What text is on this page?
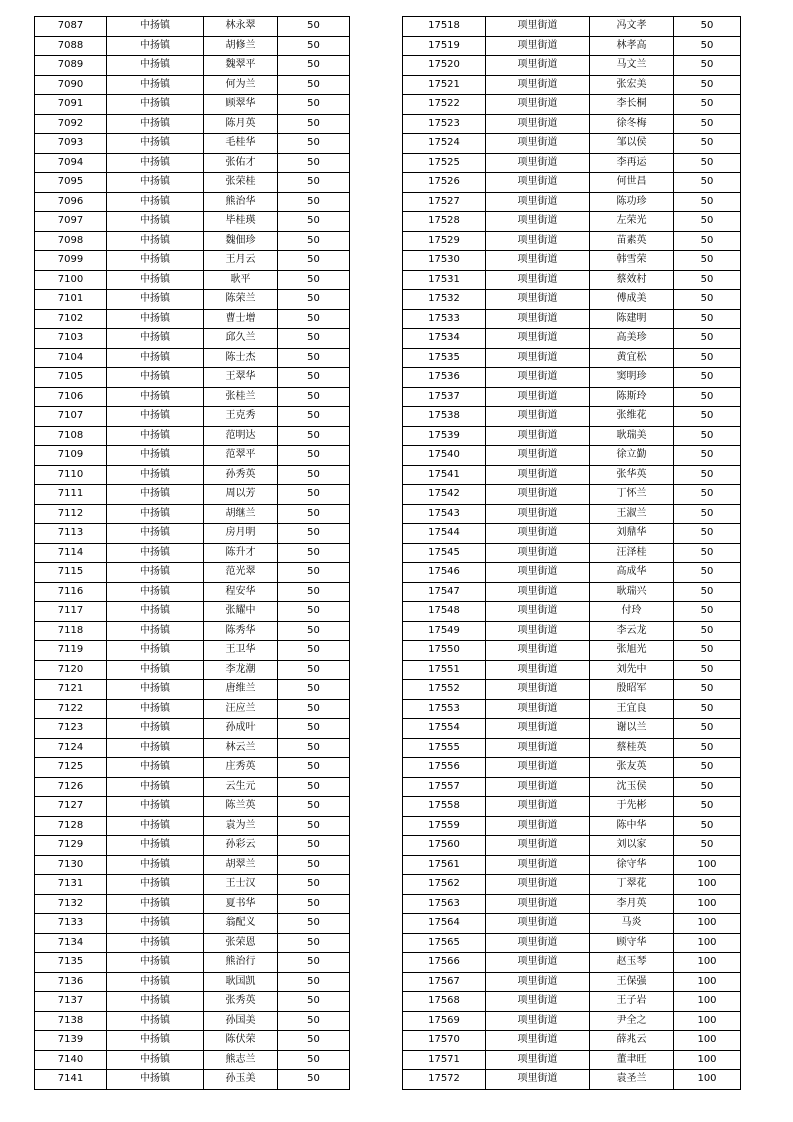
7087	中扬镇	林永翠	50
7088	中扬镇	胡修兰	50
7089	中扬镇	魏翠平	50
7090	中扬镇	何为兰	50
7091	中扬镇	顾翠华	50
7092	中扬镇	陈月英	50
7093	中扬镇	毛桂华	50
7094	中扬镇	张佑才	50
7095	中扬镇	张荣桂	50
7096	中扬镇	熊治华	50
7097	中扬镇	毕桂瑛	50
7098	中扬镇	魏佃珍	50
7099	中扬镇	王月云	50
7100	中扬镇	耿平	50
7101	中扬镇	陈荣兰	50
7102	中扬镇	曹士增	50
7103	中扬镇	邱久兰	50
7104	中扬镇	陈士杰	50
7105	中扬镇	王翠华	50
7106	中扬镇	张桂兰	50
7107	中扬镇	王克秀	50
7108	中扬镇	范明达	50
7109	中扬镇	范翠平	50
7110	中扬镇	孙秀英	50
7111	中扬镇	周以芳	50
7112	中扬镇	胡继兰	50
7113	中扬镇	房月明	50
7114	中扬镇	陈升才	50
7115	中扬镇	范光翠	50
7116	中扬镇	程安华	50
7117	中扬镇	张耀中	50
7118	中扬镇	陈秀华	50
7119	中扬镇	王卫华	50
7120	中扬镇	李龙潮	50
7121	中扬镇	唐维兰	50
7122	中扬镇	汪应兰	50
7123	中扬镇	孙成叶	50
7124	中扬镇	林云兰	50
7125	中扬镇	庄秀英	50
7126	中扬镇	云生元	50
7127	中扬镇	陈兰英	50
7128	中扬镇	袁为兰	50
7129	中扬镇	孙彩云	50
7130	中扬镇	胡翠兰	50
7131	中扬镇	王士汉	50
7132	中扬镇	夏书华	50
7133	中扬镇	翁配义	50
7134	中扬镇	张荣恩	50
7135	中扬镇	熊治行	50
7136	中扬镇	耿国凯	50
7137	中扬镇	张秀英	50
7138	中扬镇	孙国美	50
7139	中扬镇	陈伏荣	50
7140	中扬镇	熊志兰	50
7141	中扬镇	孙玉美	50
17518	项里街道	冯文孝	50
17519	项里街道	林孝高	50
17520	项里街道	马文兰	50
17521	项里街道	张宏美	50
17522	项里街道	李长桐	50
17523	项里街道	徐冬梅	50
17524	项里街道	邹以侯	50
17525	项里街道	李再运	50
17526	项里街道	何世昌	50
17527	项里街道	陈功珍	50
17528	项里街道	左荣光	50
17529	项里街道	苗素英	50
17530	项里街道	韩雪荣	50
17531	项里街道	蔡效村	50
17532	项里街道	傅成美	50
17533	项里街道	陈建明	50
17534	项里街道	高美珍	50
17535	项里街道	黄宜松	50
17536	项里街道	窦明珍	50
17537	项里街道	陈斯玲	50
17538	项里街道	张维花	50
17539	项里街道	耿瑞美	50
17540	项里街道	徐立勤	50
17541	项里街道	张华英	50
17542	项里街道	丁怀兰	50
17543	项里街道	王淑兰	50
17544	项里街道	刘鼎华	50
17545	项里街道	汪泽桂	50
17546	项里街道	高成华	50
17547	项里街道	耿瑞兴	50
17548	项里街道	付玲	50
17549	项里街道	李云龙	50
17550	项里街道	张旭光	50
17551	项里街道	刘先中	50
17552	项里街道	殷昭军	50
17553	项里街道	王宜良	50
17554	项里街道	谢以兰	50
17555	项里街道	蔡桂英	50
17556	项里街道	张友英	50
17557	项里街道	沈玉侯	50
17558	项里街道	于先彬	50
17559	项里街道	陈中华	50
17560	项里街道	刘以家	50
17561	项里街道	徐守华	100
17562	项里街道	丁翠花	100
17563	项里街道	李月英	100
17564	项里街道	马炎	100
17565	项里街道	顾守华	100
17566	项里街道	赵玉琴	100
17567	项里街道	王保强	100
17568	项里街道	王子岩	100
17569	项里街道	尹全之	100
17570	项里街道	薛兆云	100
17571	项里街道	董聿旺	100
17572	项里街道	袁圣兰	100
